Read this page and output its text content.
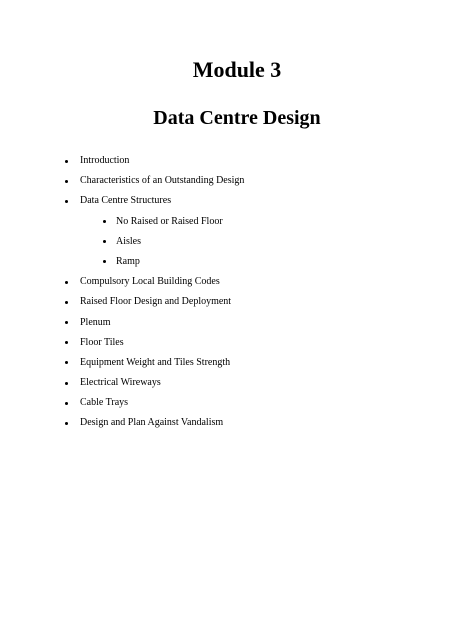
Module 3
Data Centre Design
Introduction
Characteristics of an Outstanding Design
Data Centre Structures
No Raised or Raised Floor
Aisles
Ramp
Compulsory Local Building Codes
Raised Floor Design and Deployment
Plenum
Floor Tiles
Equipment Weight and Tiles Strength
Electrical Wireways
Cable Trays
Design and Plan Against Vandalism
